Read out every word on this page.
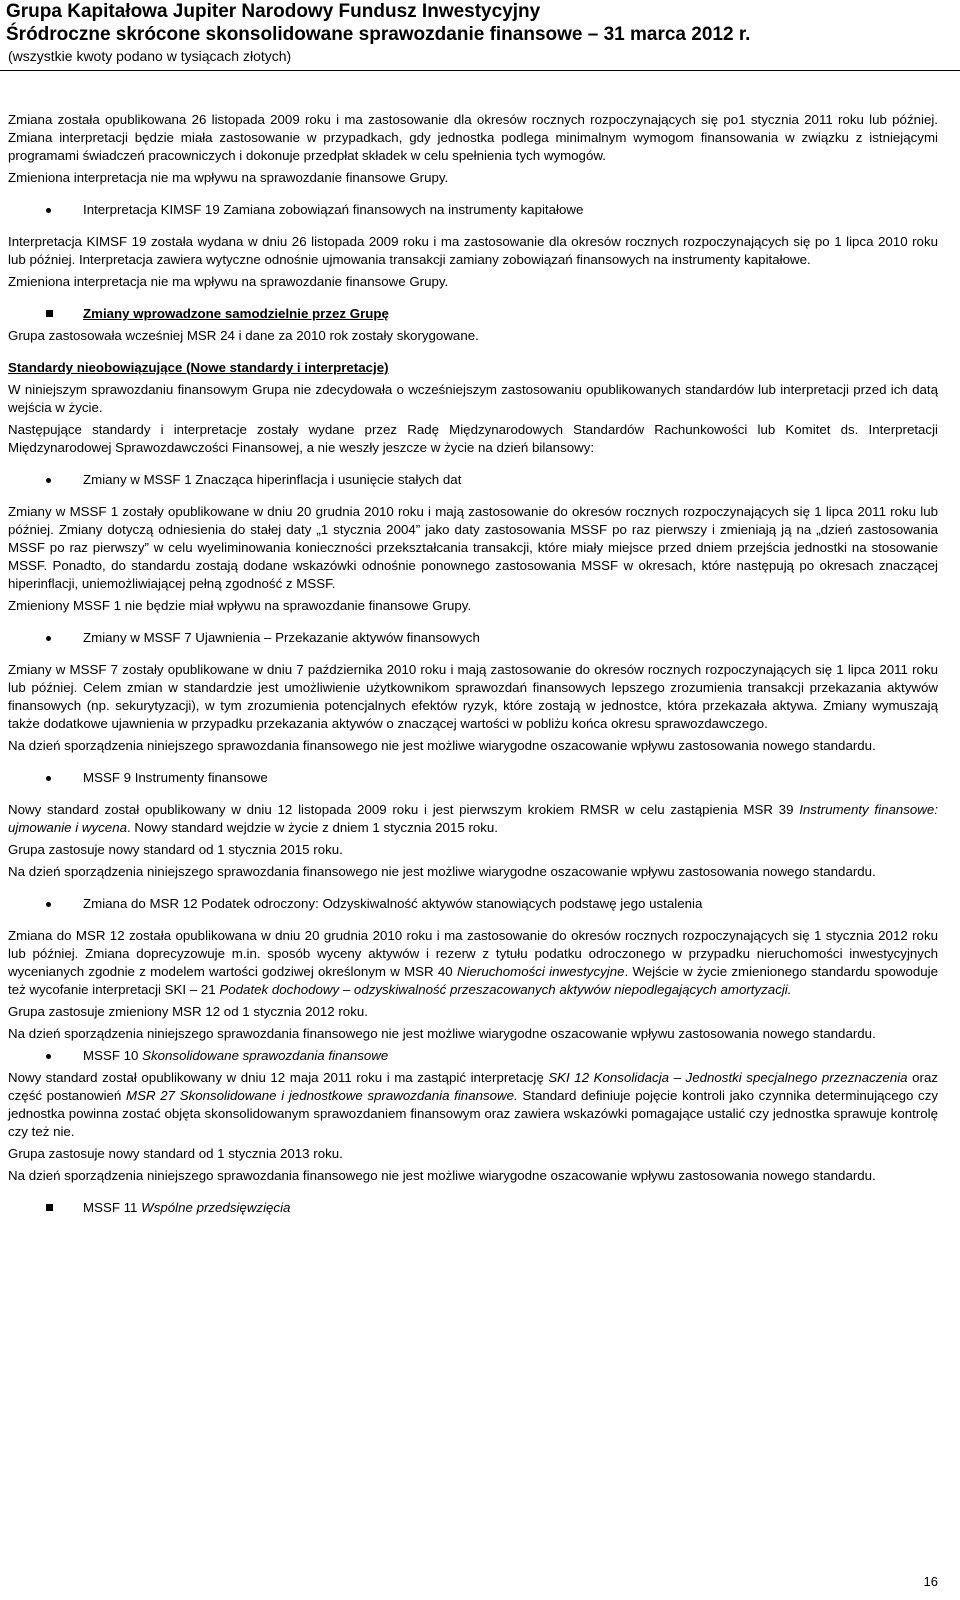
Grupa Kapitałowa Jupiter Narodowy Fundusz Inwestycyjny
Śródroczne skrócone skonsolidowane sprawozdanie finansowe – 31 marca 2012 r.
(wszystkie kwoty podano w tysiącach złotych)

Zmiana została opublikowana 26 listopada 2009 roku i ma zastosowanie dla okresów rocznych rozpoczynających się po1 stycznia 2011 roku lub później. Zmiana interpretacji będzie miała zastosowanie w przypadkach, gdy jednostka podlega minimalnym wymogom finansowania w związku z istniejącymi programami świadczeń pracowniczych i dokonuje przedpłat składek w celu spełnienia tych wymogów.

Zmieniona interpretacja nie ma wpływu na sprawozdanie finansowe Grupy.

Interpretacja KIMSF 19 Zamiana zobowiązań finansowych na instrumenty kapitałowe

Interpretacja KIMSF 19 została wydana w dniu 26 listopada 2009 roku i ma zastosowanie dla okresów rocznych rozpoczynających się po 1 lipca 2010 roku lub później. Interpretacja zawiera wytyczne odnośnie ujmowania transakcji zamiany zobowiązań finansowych na instrumenty kapitałowe.

Zmieniona interpretacja nie ma wpływu na sprawozdanie finansowe Grupy.

Zmiany wprowadzone samodzielnie przez Grupę

Grupa zastosowała wcześniej MSR 24 i dane za 2010 rok zostały skorygowane.

Standardy nieobowiązujące (Nowe standardy i interpretacje)

W niniejszym sprawozdaniu finansowym Grupa nie zdecydowała o wcześniejszym zastosowaniu opublikowanych standardów lub interpretacji przed ich datą wejścia w życie.

Następujące standardy i interpretacje zostały wydane przez Radę Międzynarodowych Standardów Rachunkowości lub Komitet ds. Interpretacji Międzynarodowej Sprawozdawczości Finansowej, a nie weszły jeszcze w życie na dzień bilansowy:

Zmiany w MSSF 1 Znacząca hiperinflacja i usunięcie stałych dat

Zmiany w MSSF 1 zostały opublikowane w dniu 20 grudnia 2010 roku i mają zastosowanie do okresów rocznych rozpoczynających się 1 lipca 2011 roku lub później. Zmiany dotyczą odniesienia do stałej daty „1 stycznia 2004” jako daty zastosowania MSSF po raz pierwszy i zmieniają ją na „dzień zastosowania MSSF po raz pierwszy” w celu wyeliminowania konieczności przekształcania transakcji, które miały miejsce przed dniem przejścia jednostki na stosowanie MSSF. Ponadto, do standardu zostają dodane wskazówki odnośnie ponownego zastosowania MSSF w okresach, które następują po okresach znaczącej hiperinflacji, uniemożliwiającej pełną zgodność z MSSF.

Zmieniony MSSF 1 nie będzie miał wpływu na sprawozdanie finansowe Grupy.

Zmiany w MSSF 7 Ujawnienia – Przekazanie aktywów finansowych

Zmiany w MSSF 7 zostały opublikowane w dniu 7 października 2010 roku i mają zastosowanie do okresów rocznych rozpoczynających się 1 lipca 2011 roku lub później. Celem zmian w standardzie jest umożliwienie użytkownikom sprawozdań finansowych lepszego zrozumienia transakcji przekazania aktywów finansowych (np. sekurytyzacji), w tym zrozumienia potencjalnych efektów ryzyk, które zostają w jednostce, która przekazała aktywa. Zmiany wymuszają także dodatkowe ujawnienia w przypadku przekazania aktywów o znaczącej wartości w pobliżu końca okresu sprawozdawczego.

Na dzień sporządzenia niniejszego sprawozdania finansowego nie jest możliwe wiarygodne oszacowanie wpływu zastosowania nowego standardu.

MSSF 9 Instrumenty finansowe

Nowy standard został opublikowany w dniu 12 listopada 2009 roku i jest pierwszym krokiem RMSR w celu zastąpienia MSR 39 Instrumenty finansowe: ujmowanie i wycena. Nowy standard wejdzie w życie z dniem 1 stycznia 2015 roku.

Grupa zastosuje nowy standard od 1 stycznia 2015 roku.

Na dzień sporządzenia niniejszego sprawozdania finansowego nie jest możliwe wiarygodne oszacowanie wpływu zastosowania nowego standardu.

Zmiana do MSR 12 Podatek odroczony: Odzyskiwalność aktywów stanowiących podstawę jego ustalenia

Zmiana do MSR 12 została opublikowana w dniu 20 grudnia 2010 roku i ma zastosowanie do okresów rocznych rozpoczynających się 1 stycznia 2012 roku lub później. Zmiana doprecyzowuje m.in. sposób wyceny aktywów i rezerw z tytułu podatku odroczonego w przypadku nieruchomości inwestycyjnych wycenianych zgodnie z modelem wartości godziwej określonym w MSR 40 Nieruchomości inwestycyjne. Wejście w życie zmienionego standardu spowoduje też wycofanie interpretacji SKI – 21 Podatek dochodowy – odzyskiwalność przeszacowanych aktywów niepodlegających amortyzacji.

Grupa zastosuje zmieniony MSR 12 od 1 stycznia 2012 roku.

Na dzień sporządzenia niniejszego sprawozdania finansowego nie jest możliwe wiarygodne oszacowanie wpływu zastosowania nowego standardu.

MSSF 10 Skonsolidowane sprawozdania finansowe

Nowy standard został opublikowany w dniu 12 maja 2011 roku i ma zastąpić interpretację SKI 12 Konsolidacja – Jednostki specjalnego przeznaczenia oraz część postanowień MSR 27 Skonsolidowane i jednostkowe sprawozdania finansowe. Standard definiuje pojęcie kontroli jako czynnika determinującego czy jednostka powinna zostać objęta skonsolidowanym sprawozdaniem finansowym oraz zawiera wskazówki pomagające ustalić czy jednostka sprawuje kontrolę czy też nie.

Grupa zastosuje nowy standard od 1 stycznia 2013 roku.

Na dzień sporządzenia niniejszego sprawozdania finansowego nie jest możliwe wiarygodne oszacowanie wpływu zastosowania nowego standardu.

MSSF 11 Wspólne przedsięwzięcia
16
